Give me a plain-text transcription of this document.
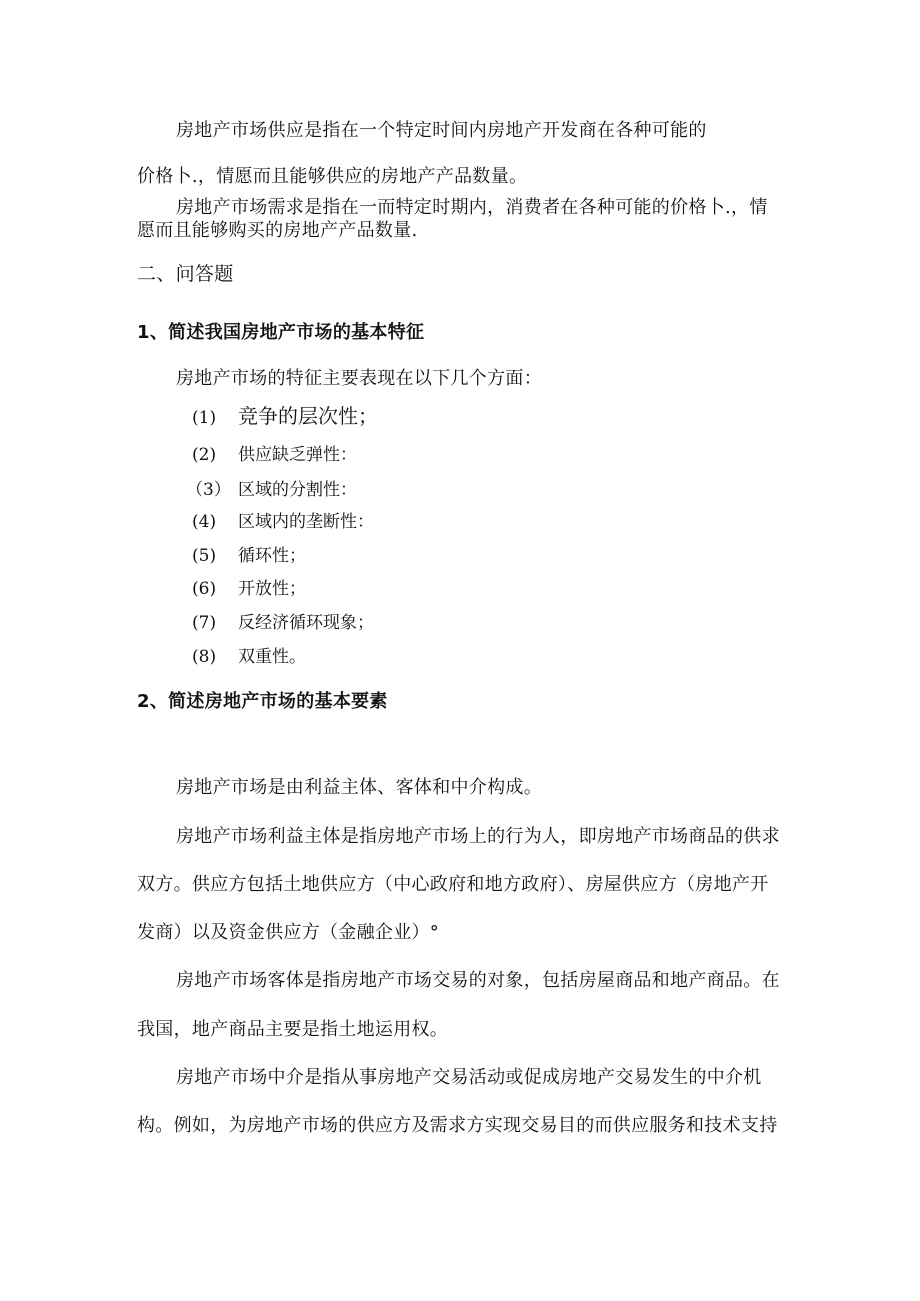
房地产市场供应是指在一个特定时间内房地产开发商在各种可能的
价格卜.，情愿而且能够供应的房地产产品数量。
房地产市场需求是指在一而特定时期内，消费者在各种可能的价格卜.，情
愿而且能够购买的房地产产品数量.
二、问答题
1、简述我国房地产市场的基本特征
房地产市场的特征主要表现在以下几个方面：
(1) 竞争的层次性；
(2) 供应缺乏弹性：
（3） 区域的分割性：
(4) 区域内的垄断性：
(5) 循环性；
(6) 开放性；
(7) 反经济循环现象；
(8) 双重性。
2、简述房地产市场的基本要素
房地产市场是由利益主体、客体和中介构成。
房地产市场利益主体是指房地产市场上的行为人，即房地产市场商品的供求
双方。供应方包括土地供应方（中心政府和地方政府）、房屋供应方（房地产开
发商）以及资金供应方（金融企业）°
房地产市场客体是指房地产市场交易的对象，包括房屋商品和地产商品。在
我国，地产商品主要是指土地运用权。
房地产市场中介是指从事房地产交易活动或促成房地产交易发生的中介机
构。例如，为房地产市场的供应方及需求方实现交易目的而供应服务和技术支持
